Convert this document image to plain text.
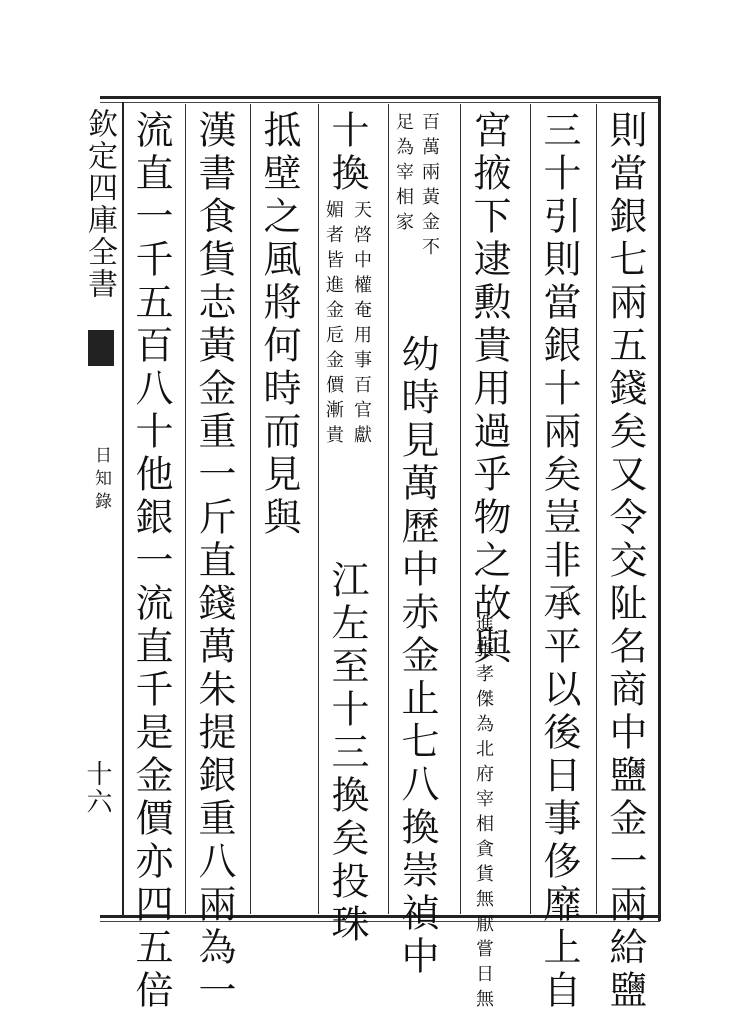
欽定四庫全書
日知錄
十六	則當銀七兩五錢矣又令交阯名商中鹽金一兩給鹽
三十引則當銀十兩矣豈非承平以後日事侈靡上自
宮掖下逮勲貴用過乎物之故與
進張孝傑為北府宰相貪貨無厭嘗日無
百萬兩黃金不
足為宰相家
幼時見萬歷中赤金止七八換崇禎中
十換
天啓中權奄用事百官獻
媚者皆進金卮金價漸貴
江左至十三換矣投珠
抵壁之風將何時而見與
漢書食貨志黃金重一斤直錢萬朱提銀重八兩為一
流直一千五百八十他銀一流直千是金價亦四五倍
